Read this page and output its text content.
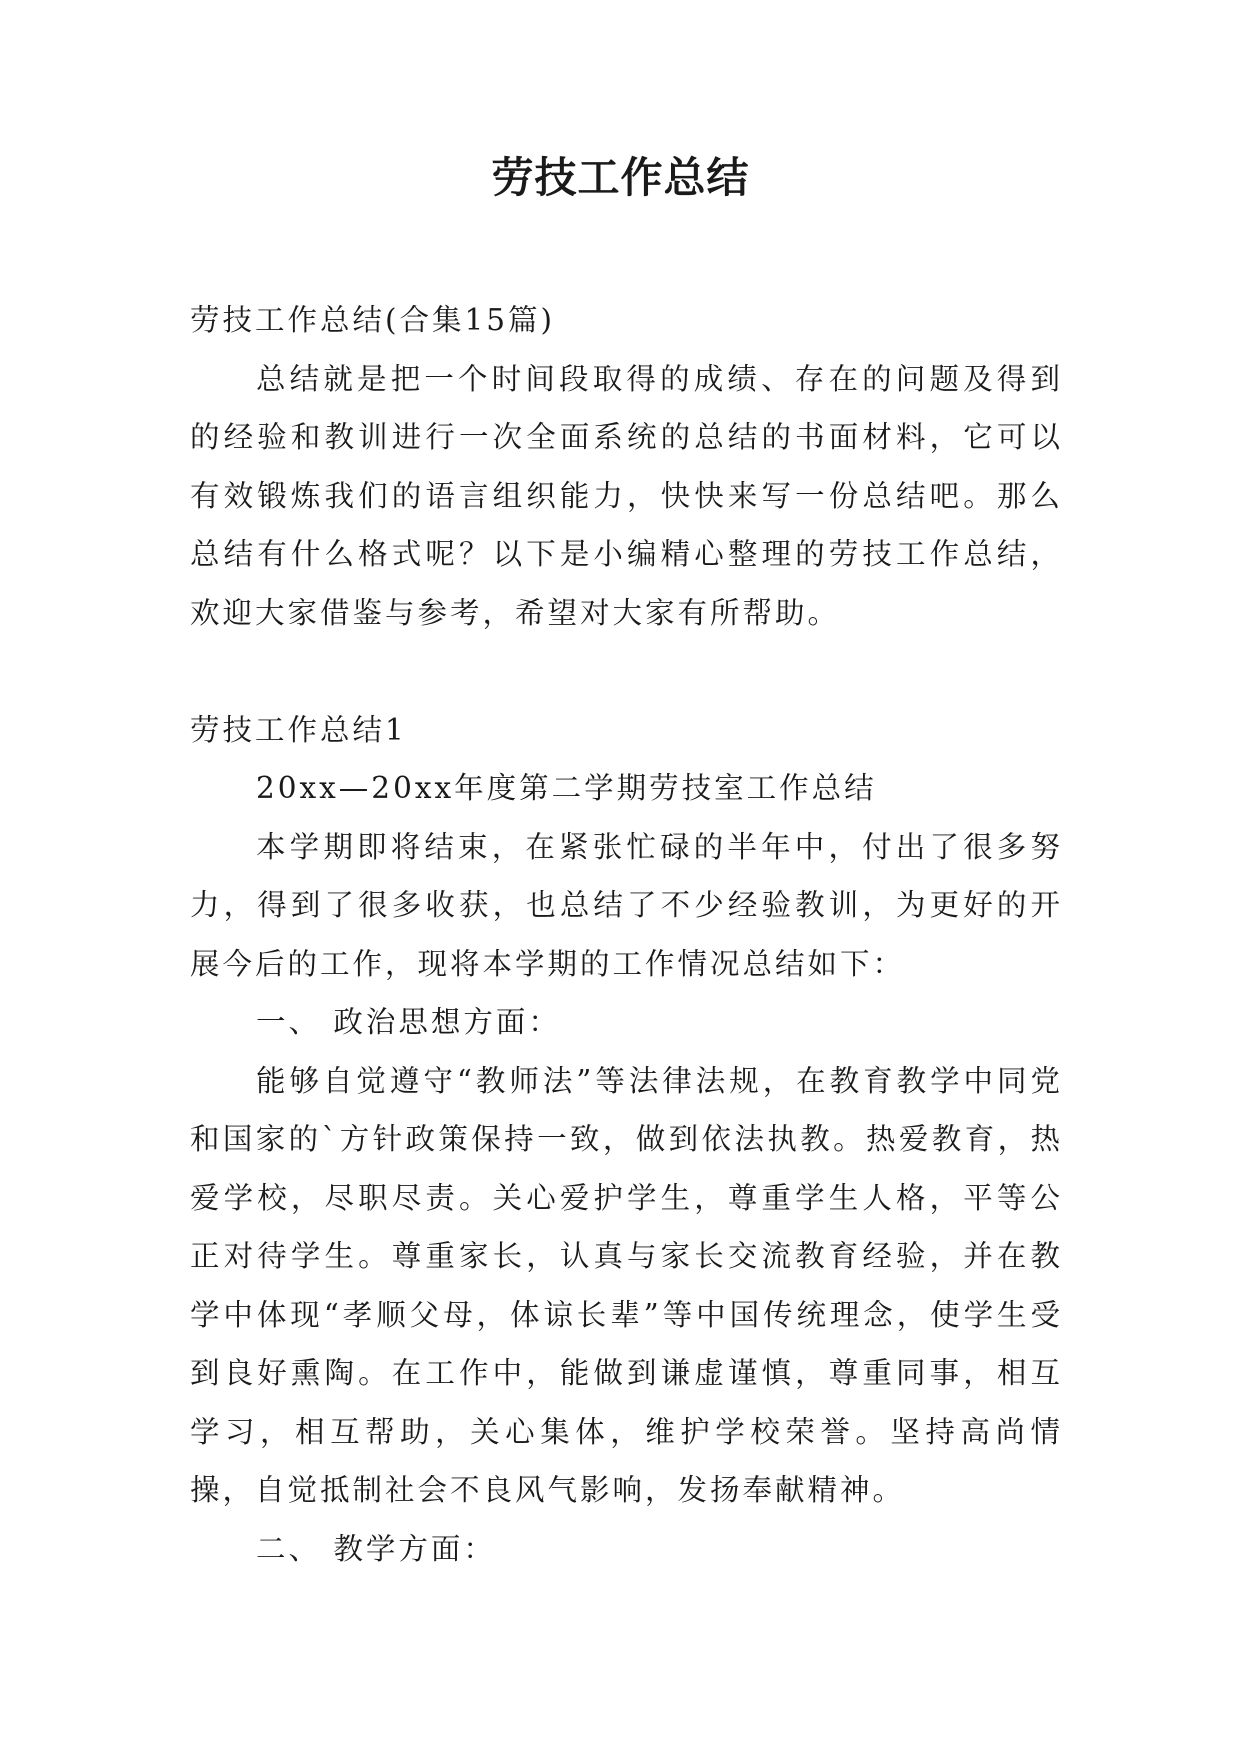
劳技工作总结

劳技工作总结(合集15篇)

总结就是把一个时间段取得的成绩、存在的问题及得到的经验和教训进行一次全面系统的总结的书面材料，它可以有效锻炼我们的语言组织能力，快快来写一份总结吧。那么总结有什么格式呢？以下是小编精心整理的劳技工作总结，欢迎大家借鉴与参考，希望对大家有所帮助。

劳技工作总结1

20xx—20xx年度第二学期劳技室工作总结

本学期即将结束，在紧张忙碌的半年中，付出了很多努力，得到了很多收获，也总结了不少经验教训，为更好的开展今后的工作，现将本学期的工作情况总结如下：

一、 政治思想方面：

能够自觉遵守“教师法”等法律法规，在教育教学中同党和国家的`方针政策保持一致，做到依法执教。热爱教育，热爱学校，尽职尽责。关心爱护学生，尊重学生人格，平等公正对待学生。尊重家长，认真与家长交流教育经验，并在教学中体现“孝顺父母，体谅长辈”等中国传统理念，使学生受到良好熏陶。在工作中，能做到谦虚谨慎，尊重同事，相互学习，相互帮助，关心集体，维护学校荣誉。坚持高尚情操，自觉抵制社会不良风气影响，发扬奉献精神。

二、 教学方面：
